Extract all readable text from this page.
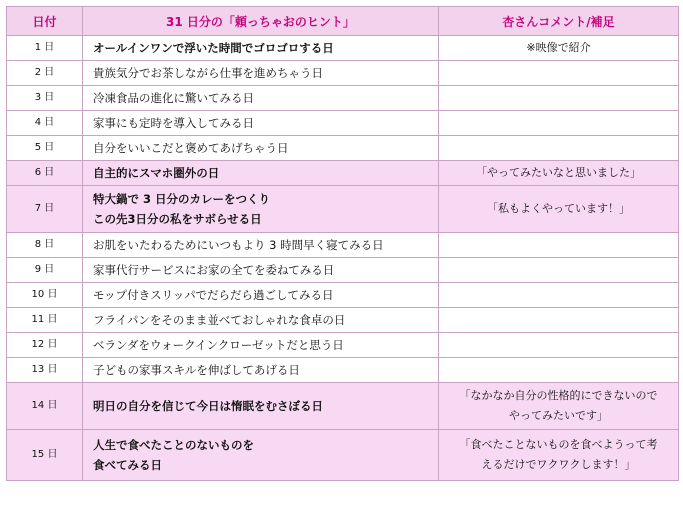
日付	31 日分の「頼っちゃおのヒント」	杏さんコメント/補足
1 日	オールインワンで浮いた時間でゴロゴロする日	※映像で紹介

2 日	貴族気分でお茶しながら仕事を進めちゃう日	

3 日	冷凍食品の進化に驚いてみる日	

4 日	家事にも定時を導入してみる日	

5 日	自分をいいこだと褒めてあげちゃう日	

6 日	自主的にスマホ圏外の日	「やってみたいなと思いました」

7 日	特大鍋で 3 日分のカレーをつくり
この先3日分の私をサボらせる日	「私もよくやっています！」

8 日	お肌をいたわるためにいつもより 3 時間早く寝てみる日	

9 日	家事代行サービスにお家の全てを委ねてみる日	

10 日	モップ付きスリッパでだらだら過ごしてみる日	

11 日	フライパンをそのまま並べておしゃれな食卓の日	

12 日	ベランダをウォークインクローゼットだと思う日	

13 日	子どもの家事スキルを伸ばしてあげる日	

14 日	明日の自分を信じて今日は惰眠をむさぼる日	「なかなか自分の性格的にできないので
やってみたいです」

15 日	人生で食べたことのないものを
食べてみる日	「食べたことないものを食べようって考
えるだけでワクワクします！」
